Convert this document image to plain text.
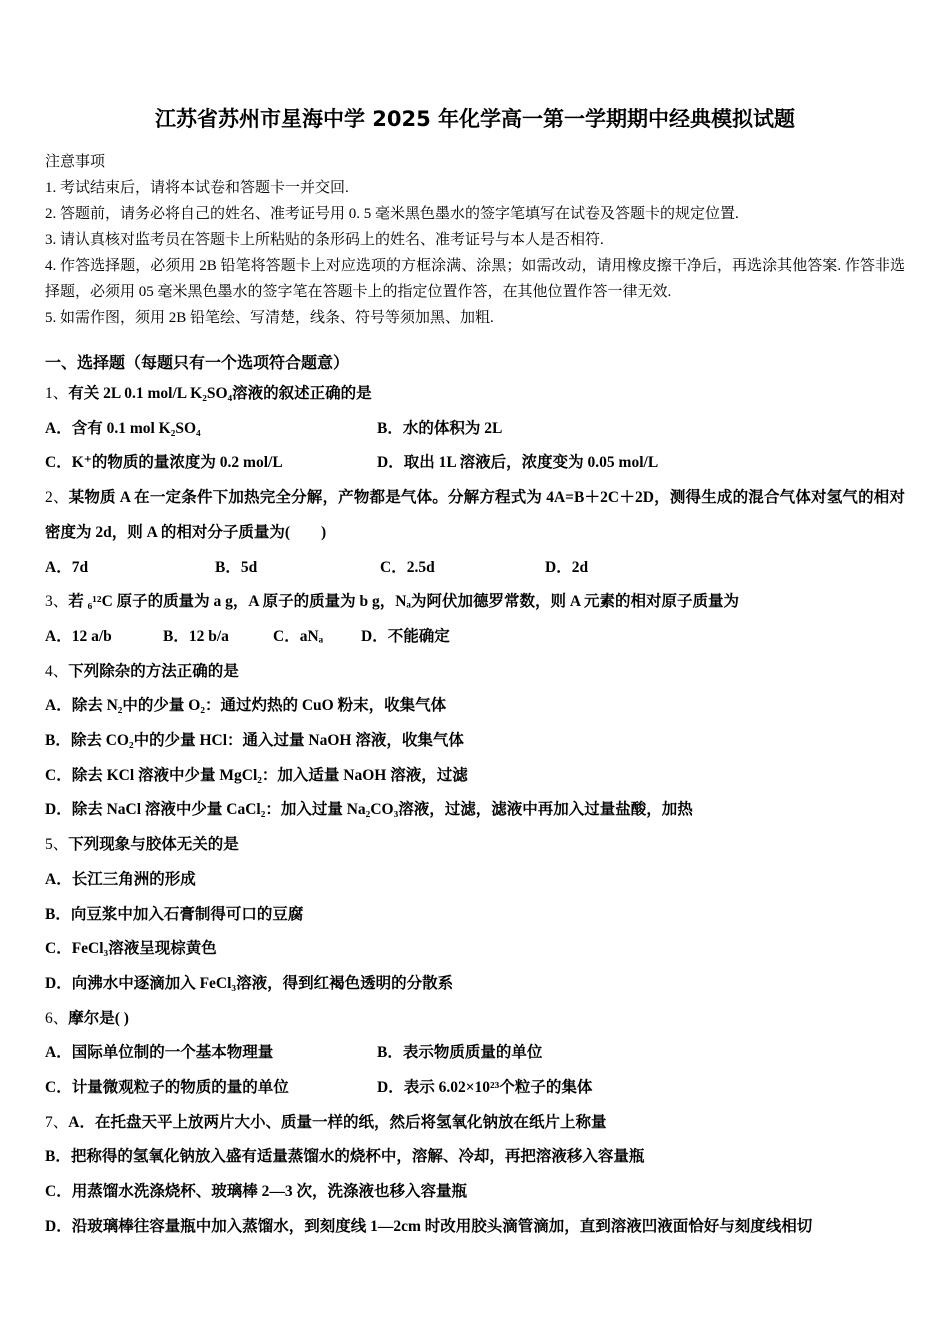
江苏省苏州市星海中学 2025 年化学高一第一学期期中经典模拟试题
注意事项
1. 考试结束后，请将本试卷和答题卡一并交回.
2. 答题前，请务必将自己的姓名、准考证号用 0. 5 毫米黑色墨水的签字笔填写在试卷及答题卡的规定位置.
3. 请认真核对监考员在答题卡上所粘贴的条形码上的姓名、准考证号与本人是否相符.
4. 作答选择题，必须用 2B 铅笔将答题卡上对应选项的方框涂满、涂黑；如需改动，请用橡皮擦干净后，再选涂其他答案. 作答非选择题，必须用 05 毫米黑色墨水的签字笔在答题卡上的指定位置作答，在其他位置作答一律无效.
5. 如需作图，须用 2B 铅笔绘、写清楚，线条、符号等须加黑、加粗.
一、选择题（每题只有一个选项符合题意）
1、有关 2L 0.1 mol/L K₂SO₄溶液的叙述正确的是
A．含有 0.1 mol K₂SO₄	B．水的体积为 2L
C．K⁺的物质的量浓度为 0.2 mol/L	D．取出 1L 溶液后，浓度变为 0.05 mol/L
2、某物质 A 在一定条件下加热完全分解，产物都是气体。分解方程式为 4A=B＋2C＋2D，测得生成的混合气体对氢气的相对密度为 2d，则 A 的相对分子质量为(　　)
A．7d	B．5d	C．2.5d	D．2d
3、若 ₆¹²C 原子的质量为 a g，A 原子的质量为 b g，Nₐ为阿伏加德罗常数，则 A 元素的相对原子质量为
A．12 a/b	B．12 b/a	C．aNₐ	D．不能确定
4、下列除杂的方法正确的是
A．除去 N₂中的少量 O₂：通过灼热的 CuO 粉末，收集气体
B．除去 CO₂中的少量 HCl：通入过量 NaOH 溶液，收集气体
C．除去 KCl 溶液中少量 MgCl₂：加入适量 NaOH 溶液，过滤
D．除去 NaCl 溶液中少量 CaCl₂：加入过量 Na₂CO₃溶液，过滤，滤液中再加入过量盐酸，加热
5、下列现象与胶体无关的是
A．长江三角洲的形成
B．向豆浆中加入石膏制得可口的豆腐
C．FeCl₃溶液呈现棕黄色
D．向沸水中逐滴加入 FeCl₃溶液，得到红褐色透明的分散系
6、摩尔是( )
A．国际单位制的一个基本物理量	B．表示物质质量的单位
C．计量微观粒子的物质的量的单位	D．表示 6.02×10²³个粒子的集体
7、A．在托盘天平上放两片大小、质量一样的纸，然后将氢氧化钠放在纸片上称量
B．把称得的氢氧化钠放入盛有适量蒸馏水的烧杯中，溶解、冷却，再把溶液移入容量瓶
C．用蒸馏水洗涤烧杯、玻璃棒 2—3 次，洗涤液也移入容量瓶
D．沿玻璃棒往容量瓶中加入蒸馏水，到刻度线 1—2cm 时改用胶头滴管滴加，直到溶液凹液面恰好与刻度线相切
